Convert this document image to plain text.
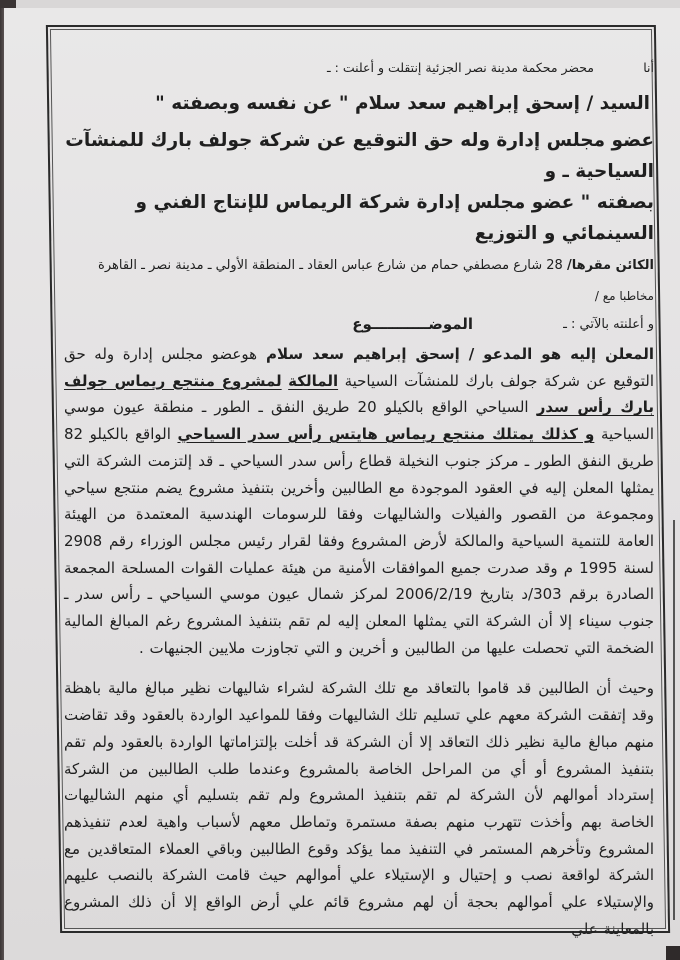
أنا
محضر محكمة مدينة نصر الجزئية إنتقلت و أعلنت : ـ
السيد / إسحق إبراهيم سعد سلام " عن نفسه وبصفته "
عضو مجلس إدارة وله حق التوقيع عن شركة جولف بارك للمنشآت السياحية ـ و
بصفته " عضو مجلس إدارة شركة الريماس للإنتاج الفني و السينمائي و التوزيع
الكائن مقرها/ 28 شارع مصطفي حمام من شارع عباس العقاد ـ المنطقة الأولي ـ مدينة نصر ـ القاهرة
مخاطبا مع /
و أعلنته بالآتي : ـ
الموضـــــــــــوع
المعلن إليه هو المدعو / إسحق إبراهيم سعد سلام هوعضو مجلس إدارة وله حق التوقيع عن شركة جولف بارك للمنشآت السياحية المالكة لمشروع منتجع ريماس جولف بارك رأس سدر السياحي الواقع بالكيلو 20 طريق النفق ـ الطور ـ منطقة عيون موسي السياحية و كذلك يمتلك منتجع ريماس هايتس رأس سدر السياحي الواقع بالكيلو 82 طريق النفق الطور ـ مركز جنوب النخيلة قطاع رأس سدر السياحي ـ قد إلتزمت الشركة التي يمثلها المعلن إليه في العقود الموجودة مع الطالبين وأخرين بتنفيذ مشروع يضم منتجع سياحي ومجموعة من القصور والفيلات والشاليهات وفقا للرسومات الهندسية المعتمدة من الهيئة العامة للتنمية السياحية والمالكة لأرض المشروع وفقا لقرار رئيس مجلس الوزراء رقم 2908 لسنة 1995 م وقد صدرت جميع الموافقات الأمنية من هيئة عمليات القوات المسلحة المجمعة الصادرة برقم 303/د بتاريخ 2006/2/19 لمركز شمال عيون موسي السياحي ـ رأس سدر ـ جنوب سيناء إلا أن الشركة التي يمثلها المعلن إليه لم تقم بتنفيذ المشروع رغم المبالغ المالية الضخمة التي تحصلت عليها من الطالبين و أخرين و التي تجاوزت ملايين الجنيهات .
وحيث أن الطالبين قد قاموا بالتعاقد مع تلك الشركة لشراء شاليهات نظير مبالغ مالية باهظة وقد إتفقت الشركة معهم علي تسليم تلك الشاليهات وفقا للمواعيد الواردة بالعقود وقد تقاضت منهم مبالغ مالية نظير ذلك التعاقد إلا أن الشركة قد أخلت بإلتزاماتها الواردة بالعقود ولم تقم بتنفيذ المشروع أو أي من المراحل الخاصة بالمشروع وعندما طلب الطالبين من الشركة إسترداد أموالهم لأن الشركة لم تقم بتنفيذ المشروع ولم تقم بتسليم أي منهم الشاليهات الخاصة بهم وأخذت تتهرب منهم بصفة مستمرة وتماطل معهم لأسباب واهية لعدم تنفيذهم المشروع وتأخرهم المستمر في التنفيذ مما يؤكد وقوع الطالبين وباقي العملاء المتعاقدين مع الشركة لواقعة نصب و إحتيال و الإستيلاء علي أموالهم حيث قامت الشركة بالنصب عليهم والإستيلاء علي أموالهم بحجة أن لهم مشروع قائم علي أرض الواقع إلا أن ذلك المشروع بالمعاينة علي
